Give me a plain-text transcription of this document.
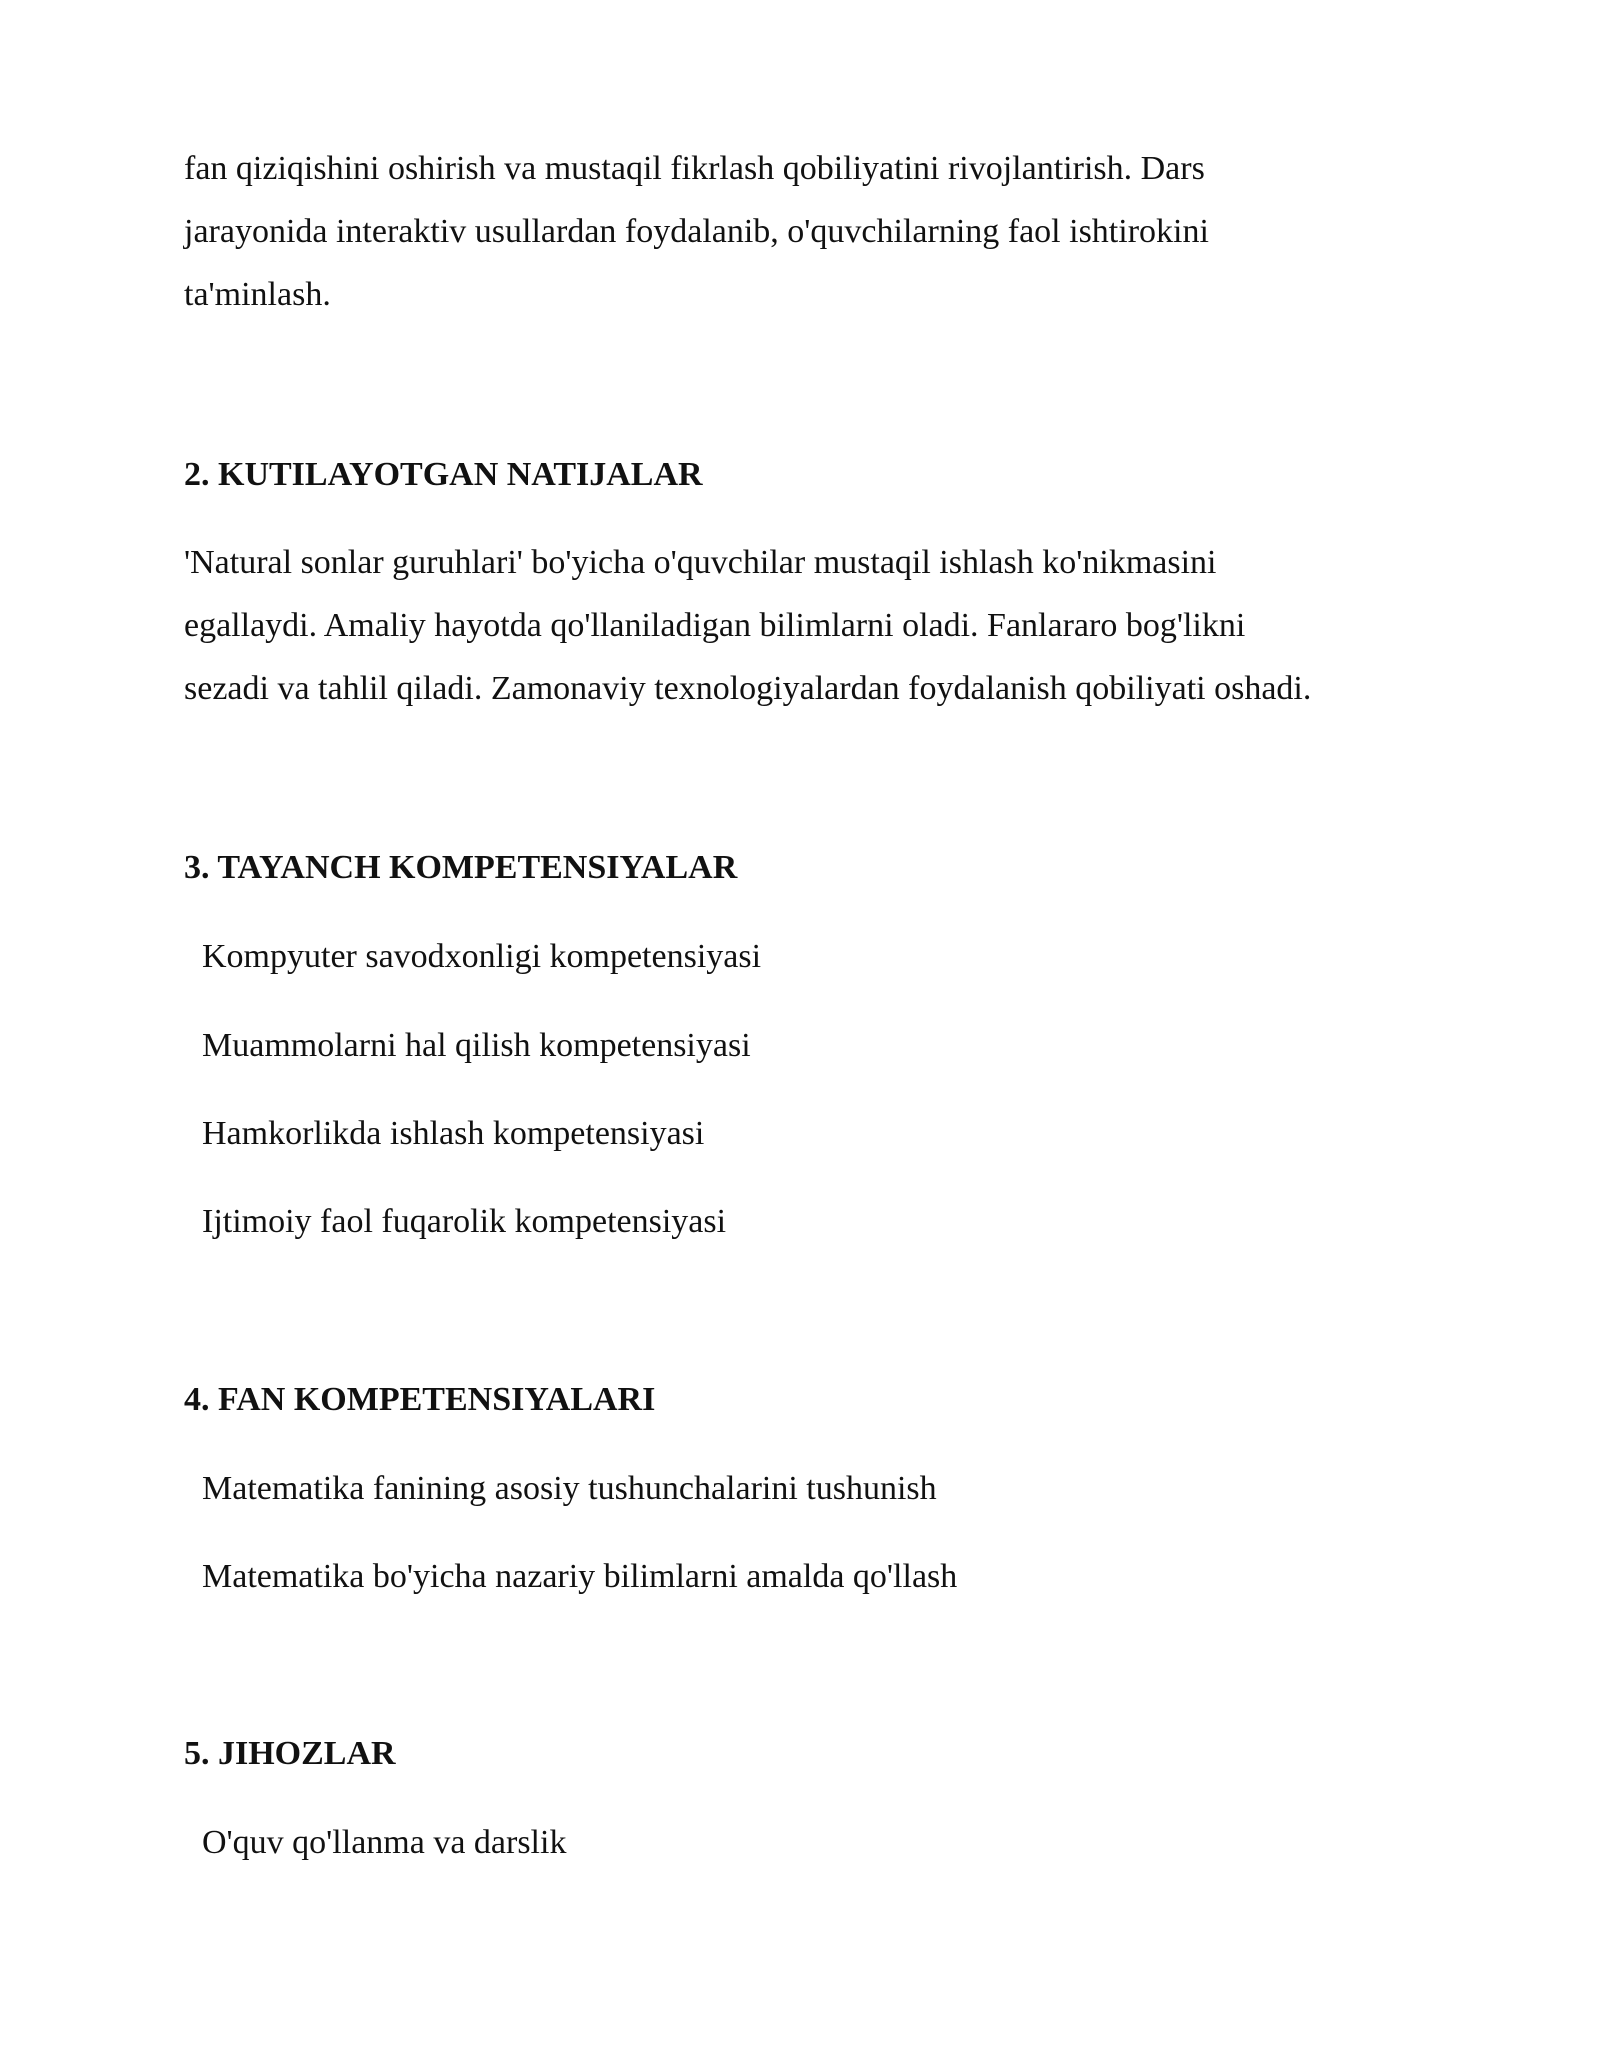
fan qiziqishini oshirish va mustaqil fikrlash qobiliyatini rivojlantirish. Dars
jarayonida interaktiv usullardan foydalanib, o'quvchilarning faol ishtirokini
ta'minlash.

2. KUTILAYOTGAN NATIJALAR

'Natural sonlar guruhlari' bo'yicha o'quvchilar mustaqil ishlash ko'nikmasini
egallaydi. Amaliy hayotda qo'llaniladigan bilimlarni oladi. Fanlararo bog'likni
sezadi va tahlil qiladi. Zamonaviy texnologiyalardan foydalanish qobiliyati oshadi.

3. TAYANCH KOMPETENSIYALAR

Kompyuter savodxonligi kompetensiyasi

Muammolarni hal qilish kompetensiyasi

Hamkorlikda ishlash kompetensiyasi

Ijtimoiy faol fuqarolik kompetensiyasi

4. FAN KOMPETENSIYALARI

Matematika fanining asosiy tushunchalarini tushunish

Matematika bo'yicha nazariy bilimlarni amalda qo'llash

5. JIHOZLAR

O'quv qo'llanma va darslik
